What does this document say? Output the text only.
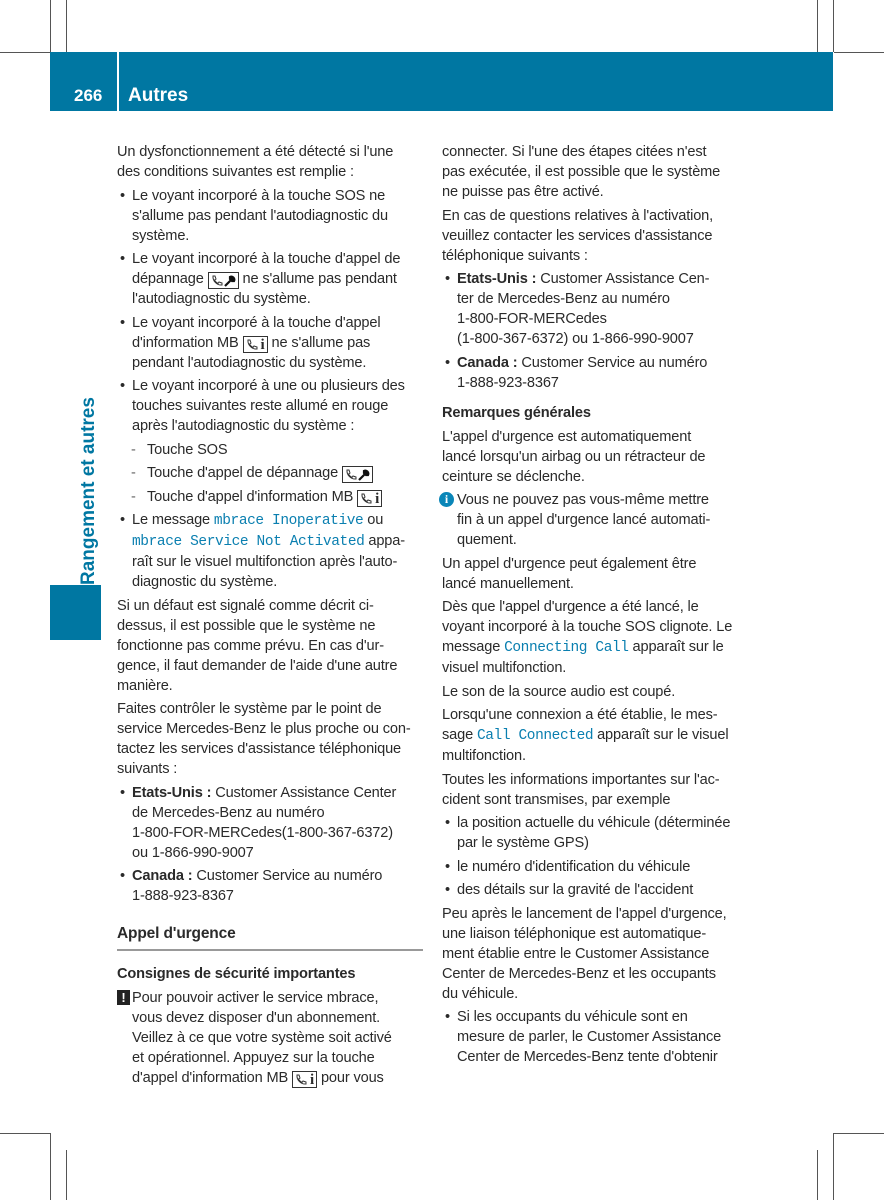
266 Autres
Rangement et autres
Un dysfonctionnement a été détecté si l'une
des conditions suivantes est remplie :
• Le voyant incorporé à la touche SOS ne
s'allume pas pendant l'autodiagnostic du
système.
• Le voyant incorporé à la touche d'appel de
dépannage	ne s'allume pas pendant
l'autodiagnostic du système.
• Le voyant incorporé à la touche d'appel
d'information MB i ne s'allume pas
pendant l'autodiagnostic du système.
• Le voyant incorporé à une ou plusieurs des
touches suivantes reste allumé en rouge
après l'autodiagnostic du système :
- Touche SOS
- Touche d'appel de dépannage
- Touche d'appel d'information MB i
• Le message mbrace Inoperative ou
mbrace Service Not Activated appa-
raît sur le visuel multifonction après l'auto-
diagnostic du système.
Si un défaut est signalé comme décrit ci-
dessus, il est possible que le système ne
fonctionne pas comme prévu. En cas d'ur-
gence, il faut demander de l'aide d'une autre
manière.
Faites contrôler le système par le point de
service Mercedes-Benz le plus proche ou con-
tactez les services d'assistance téléphonique
suivants :
• Etats-Unis : Customer Assistance Center
de Mercedes-Benz au numéro
1-800-FOR-MERCedes(1-800-367-6372)
ou 1-866-990-9007
• Canada : Customer Service au numéro
1-888-923-8367
Appel d'urgence
Consignes de sécurité importantes
! Pour pouvoir activer le service mbrace,
vous devez disposer d'un abonnement.
Veillez à ce que votre système soit activé
et opérationnel. Appuyez sur la touche
d'appel d'information MB i pour vous
connecter. Si l'une des étapes citées n'est
pas exécutée, il est possible que le système
ne puisse pas être activé.
En cas de questions relatives à l'activation,
veuillez contacter les services d'assistance
téléphonique suivants :
• Etats-Unis : Customer Assistance Cen-
ter de Mercedes-Benz au numéro
1-800-FOR-MERCedes
(1-800-367-6372) ou 1-866-990-9007
• Canada : Customer Service au numéro
1-888-923-8367
Remarques générales
L'appel d'urgence est automatiquement
lancé lorsqu'un airbag ou un rétracteur de
ceinture se déclenche.
i Vous ne pouvez pas vous-même mettre
fin à un appel d'urgence lancé automati-
quement.
Un appel d'urgence peut également être
lancé manuellement.
Dès que l'appel d'urgence a été lancé, le
voyant incorporé à la touche SOS clignote. Le
message Connecting Call apparaît sur le
visuel multifonction.
Le son de la source audio est coupé.
Lorsqu'une connexion a été établie, le mes-
sage Call Connected apparaît sur le visuel
multifonction.
Toutes les informations importantes sur l'ac-
cident sont transmises, par exemple
• la position actuelle du véhicule (déterminée
par le système GPS)
• le numéro d'identification du véhicule
• des détails sur la gravité de l'accident
Peu après le lancement de l'appel d'urgence,
une liaison téléphonique est automatique-
ment établie entre le Customer Assistance
Center de Mercedes-Benz et les occupants
du véhicule.
• Si les occupants du véhicule sont en
mesure de parler, le Customer Assistance
Center de Mercedes-Benz tente d'obtenir
